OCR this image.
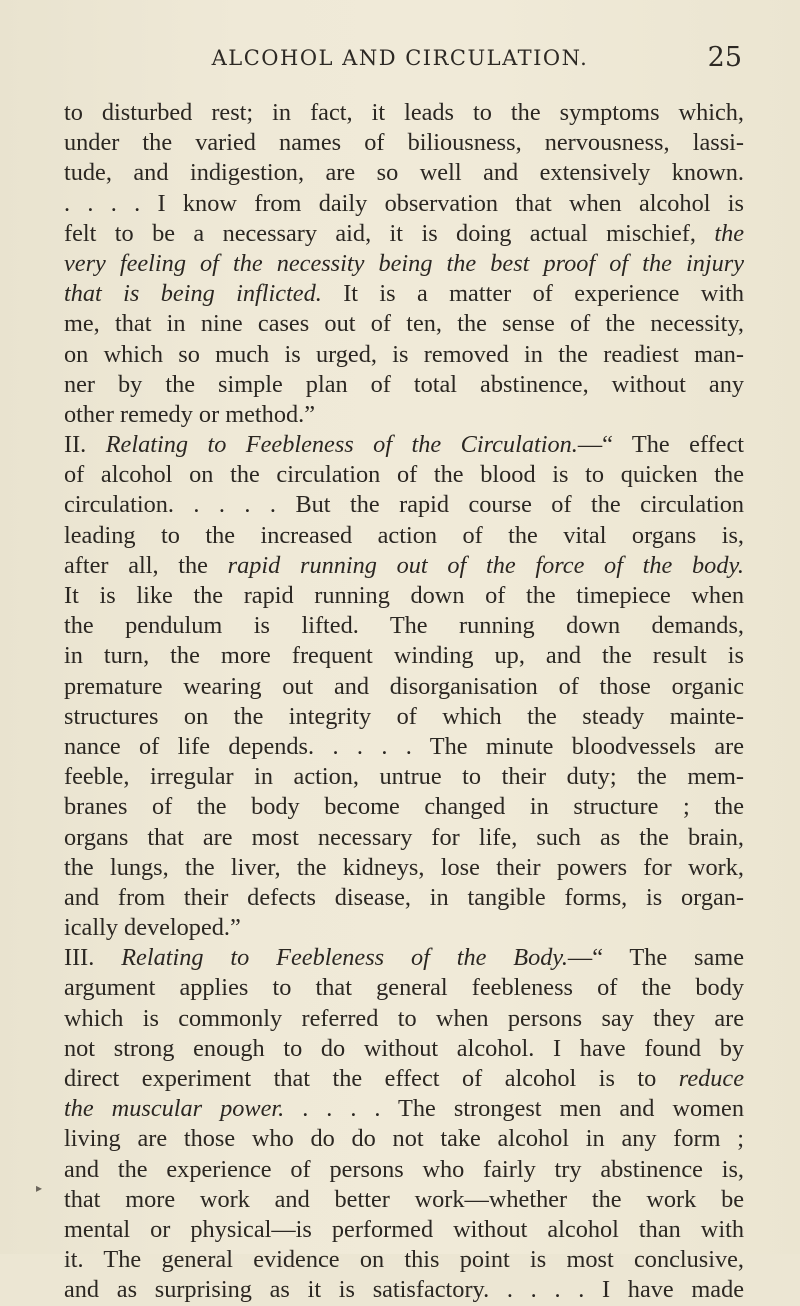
ALCOHOL AND CIRCULATION.	25
to disturbed rest; in fact, it leads to the symptoms which,
under the varied names of biliousness, nervousness, lassi-
tude, and indigestion, are so well and extensively known.
. . . . I know from daily observation that when alcohol is
felt to be a necessary aid, it is doing actual mischief, the
very feeling of the necessity being the best proof of the injury
that is being inflicted. It is a matter of experience with
me, that in nine cases out of ten, the sense of the necessity,
on which so much is urged, is removed in the readiest man-
ner by the simple plan of total abstinence, without any
other remedy or method.”
II. Relating to Feebleness of the Circulation.—“ The effect
of alcohol on the circulation of the blood is to quicken the
circulation. . . . . But the rapid course of the circulation
leading to the increased action of the vital organs is,
after all, the rapid running out of the force of the body.
It is like the rapid running down of the timepiece when
the pendulum is lifted. The running down demands,
in turn, the more frequent winding up, and the result is
premature wearing out and disorganisation of those organic
structures on the integrity of which the steady mainte-
nance of life depends. . . . . The minute bloodvessels are
feeble, irregular in action, untrue to their duty; the mem-
branes of the body become changed in structure ; the
organs that are most necessary for life, such as the brain,
the lungs, the liver, the kidneys, lose their powers for work,
and from their defects disease, in tangible forms, is organ-
ically developed.”
III. Relating to Feebleness of the Body.—“ The same
argument applies to that general feebleness of the body
which is commonly referred to when persons say they are
not strong enough to do without alcohol. I have found by
direct experiment that the effect of alcohol is to reduce
the muscular power. . . . . The strongest men and women
living are those who do do not take alcohol in any form ;
and the experience of persons who fairly try abstinence is,
that more work and better work—whether the work be
mental or physical—is performed without alcohol than with
it. The general evidence on this point is most conclusive,
and as surprising as it is satisfactory. . . . . I have made
▸
